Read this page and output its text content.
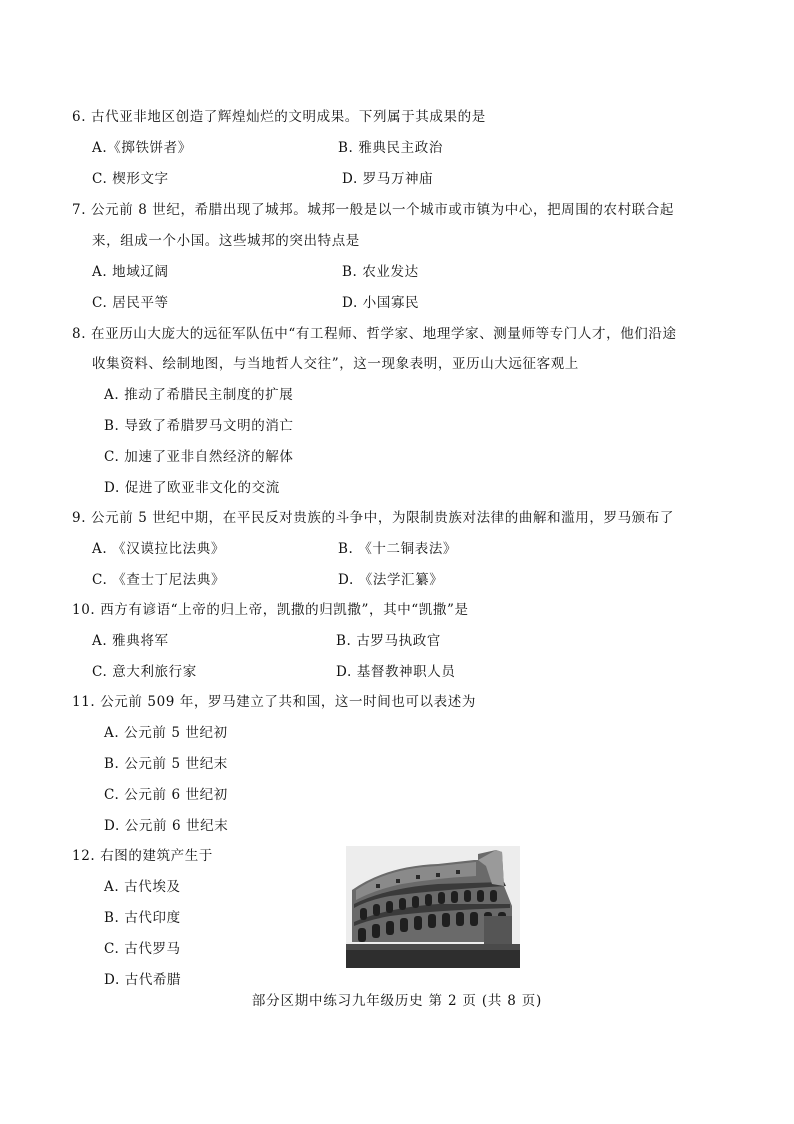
6. 古代亚非地区创造了辉煌灿烂的文明成果。下列属于其成果的是
A.《掷铁饼者》	B. 雅典民主政治
C. 楔形文字	D. 罗马万神庙
7. 公元前 8 世纪，希腊出现了城邦。城邦一般是以一个城市或市镇为中心，把周围的农村联合起
来，组成一个小国。这些城邦的突出特点是
A. 地域辽阔	B. 农业发达
C. 居民平等	D. 小国寡民
8. 在亚历山大庞大的远征军队伍中“有工程师、哲学家、地理学家、测量师等专门人才，他们沿途
收集资料、绘制地图，与当地哲人交往”，这一现象表明，亚历山大远征客观上
A. 推动了希腊民主制度的扩展
B. 导致了希腊罗马文明的消亡
C. 加速了亚非自然经济的解体
D. 促进了欧亚非文化的交流
9. 公元前 5 世纪中期，在平民反对贵族的斗争中，为限制贵族对法律的曲解和滥用，罗马颁布了
A. 《汉谟拉比法典》	B. 《十二铜表法》
C. 《查士丁尼法典》	D. 《法学汇纂》
10. 西方有谚语“上帝的归上帝，凯撒的归凯撒”，其中“凯撒”是
A. 雅典将军	B. 古罗马执政官
C. 意大利旅行家	D. 基督教神职人员
11. 公元前 509 年，罗马建立了共和国，这一时间也可以表述为
A. 公元前 5 世纪初
B. 公元前 5 世纪末
C. 公元前 6 世纪初
D. 公元前 6 世纪末
12. 右图的建筑产生于
A. 古代埃及
B. 古代印度
C. 古代罗马
D. 古代希腊
部分区期中练习九年级历史 第 2 页 (共 8 页)
